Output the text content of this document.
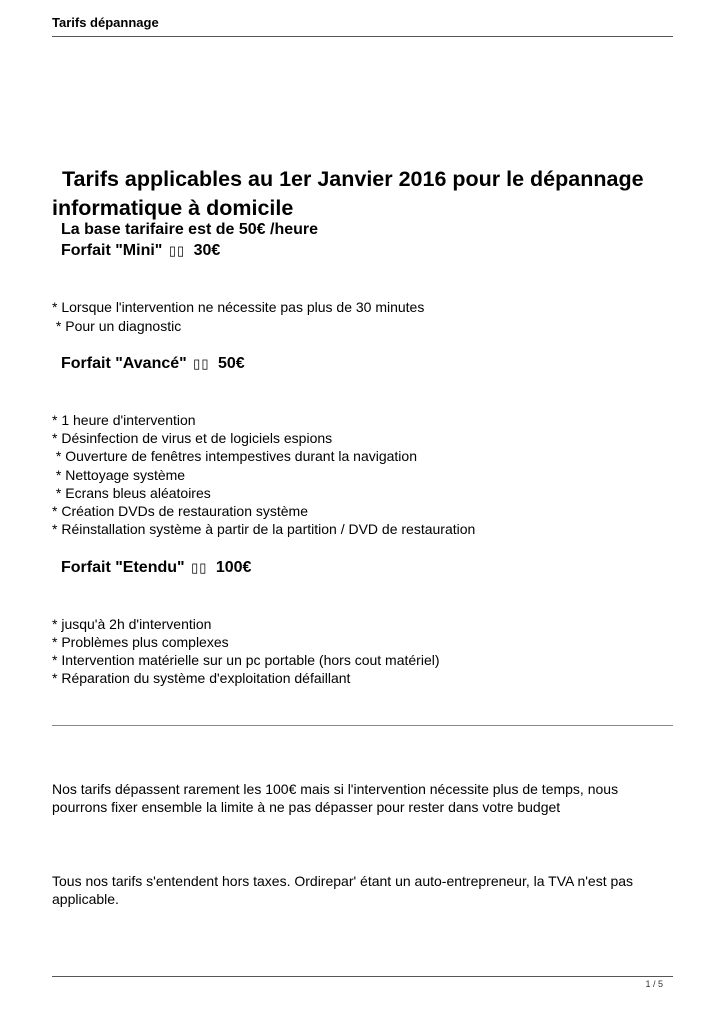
Tarifs dépannage
Tarifs applicables au 1er Janvier 2016 pour le dépannage informatique à domicile
La base tarifaire est de 50€ /heure
Forfait "Mini" ▯▯ 30€
* Lorsque l'intervention ne nécessite pas plus de 30 minutes
* Pour un diagnostic
Forfait "Avancé" ▯▯ 50€
* 1 heure d'intervention
* Désinfection de virus et de logiciels espions
* Ouverture de fenêtres intempestives durant la navigation
* Nettoyage système
* Ecrans bleus aléatoires
* Création DVDs de restauration système
* Réinstallation système à partir de la partition / DVD de restauration
Forfait "Etendu" ▯▯ 100€
* jusqu'à 2h d'intervention
* Problèmes plus complexes
* Intervention matérielle sur un pc portable (hors cout matériel)
* Réparation du système d'exploitation défaillant

Nos tarifs dépassent rarement les 100€ mais si l'intervention nécessite plus de temps, nous pourrons fixer ensemble la limite à ne pas dépasser pour rester dans votre budget

Tous nos tarifs s'entendent hors taxes. Ordirepar' étant un auto-entrepreneur, la TVA n'est pas applicable.

1 / 5
